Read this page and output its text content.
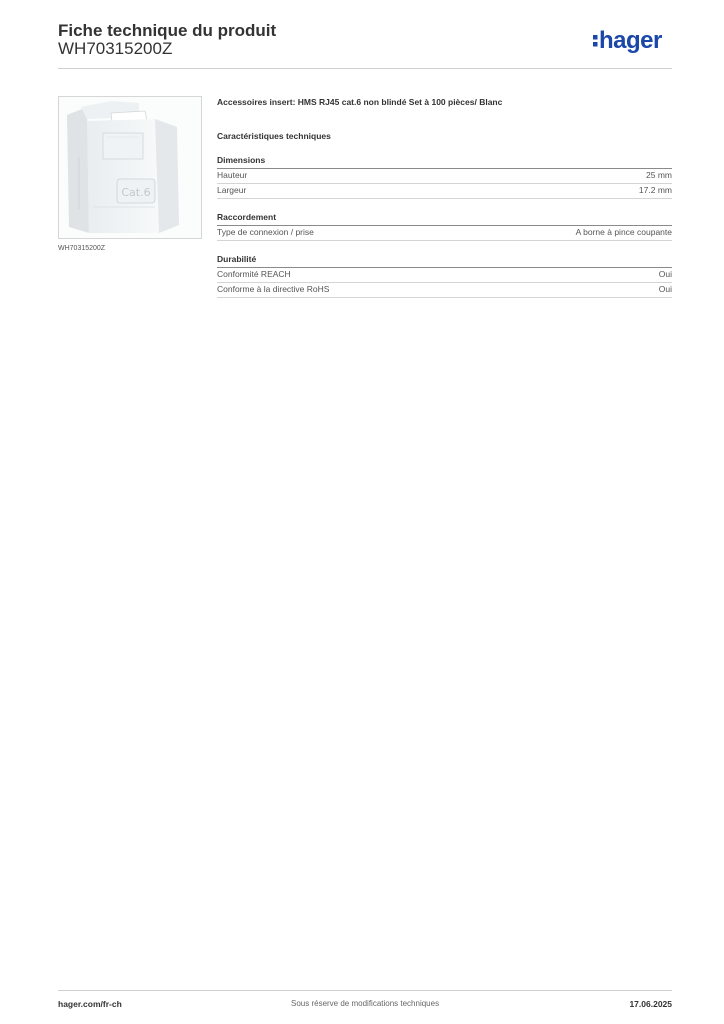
Fiche technique du produit
WH70315200Z	hager
Cat.6
WH70315200Z
Accessoires insert: HMS RJ45 cat.6 non blindé Set à 100 pièces/ Blanc
Caractéristiques techniques
Dimensions
Hauteur	25 mm
Largeur	17.2 mm
Raccordement
Type de connexion / prise	A borne à pince coupante
Durabilité
Conformité REACH	Oui
Conforme à la directive RoHS	Oui
hager.com/fr-ch	Sous réserve de modifications techniques	17.06.2025
